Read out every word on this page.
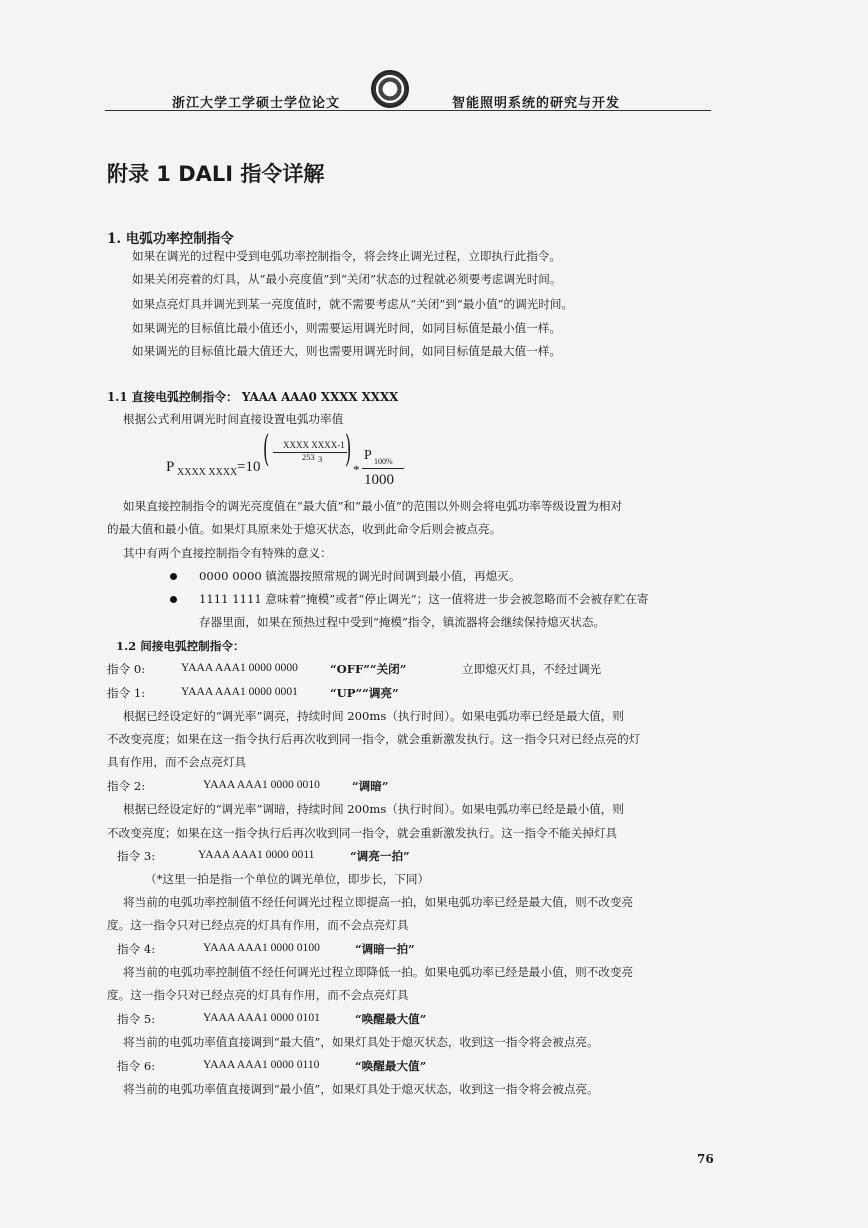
浙江大学工学硕士学位论文	智能照明系统的研究与开发
附录 1 DALI 指令详解
1. 电弧功率控制指令
如果在调光的过程中受到电弧功率控制指令，将会终止调光过程，立即执行此指令。
如果关闭亮着的灯具，从“最小亮度值”到“关闭”状态的过程就必须要考虑调光时间。
如果点亮灯具并调光到某一亮度值时，就不需要考虑从“关闭”到“最小值”的调光时间。
如果调光的目标值比最小值还小，则需要运用调光时间，如同目标值是最小值一样。
如果调光的目标值比最大值还大，则也需要用调光时间，如同目标值是最大值一样。
1.1 直接电弧控制指令： YAAA AAA0 XXXX XXXX
根据公式利用调光时间直接设置电弧功率值
P XXXX XXXX =10 ( XXXX XXXX-1
253 3 ) *
P 100%
1000
如果直接控制指令的调光亮度值在“最大值”和“最小值”的范围以外则会将电弧功率等级设置为相对
的最大值和最小值。如果灯具原来处于熄灭状态，收到此命令后则会被点亮。
其中有两个直接控制指令有特殊的意义：
0000 0000 镇流器按照常规的调光时间调到最小值，再熄灭。
1111 1111 意味着“掩模”或者“停止调光”；这一值将进一步会被忽略而不会被存贮在寄
存器里面，如果在预热过程中受到“掩模”指令，镇流器将会继续保持熄灭状态。
1.2 间接电弧控制指令：
指令 0:	YAAA AAA1 0000 0000	“OFF”“关闭”	立即熄灭灯具，不经过调光
指令 1:	YAAA AAA1 0000 0001	“UP”“调亮”
根据已经设定好的“调光率”调亮，持续时间 200ms（执行时间）。如果电弧功率已经是最大值，则
不改变亮度；如果在这一指令执行后再次收到同一指令，就会重新激发执行。这一指令只对已经点亮的灯
具有作用，而不会点亮灯具
指令 2:	YAAA AAA1 0000 0010	“调暗”
根据已经设定好的“调光率”调暗，持续时间 200ms（执行时间）。如果电弧功率已经是最小值，则
不改变亮度；如果在这一指令执行后再次收到同一指令，就会重新激发执行。这一指令不能关掉灯具
指令 3:	YAAA AAA1 0000 0011	“调亮一拍”
（*这里一拍是指一个单位的调光单位，即步长，下同）
将当前的电弧功率控制值不经任何调光过程立即提高一拍，如果电弧功率已经是最大值，则不改变亮
度。这一指令只对已经点亮的灯具有作用，而不会点亮灯具
指令 4:	YAAA AAA1 0000 0100	“调暗一拍”
将当前的电弧功率控制值不经任何调光过程立即降低一拍。如果电弧功率已经是最小值，则不改变亮
度。这一指令只对已经点亮的灯具有作用，而不会点亮灯具
指令 5:	YAAA AAA1 0000 0101	“唤醒最大值”
将当前的电弧功率值直接调到“最大值”，如果灯具处于熄灭状态，收到这一指令将会被点亮。
指令 6:	YAAA AAA1 0000 0110	“唤醒最大值”
将当前的电弧功率值直接调到“最小值”，如果灯具处于熄灭状态，收到这一指令将会被点亮。
76
